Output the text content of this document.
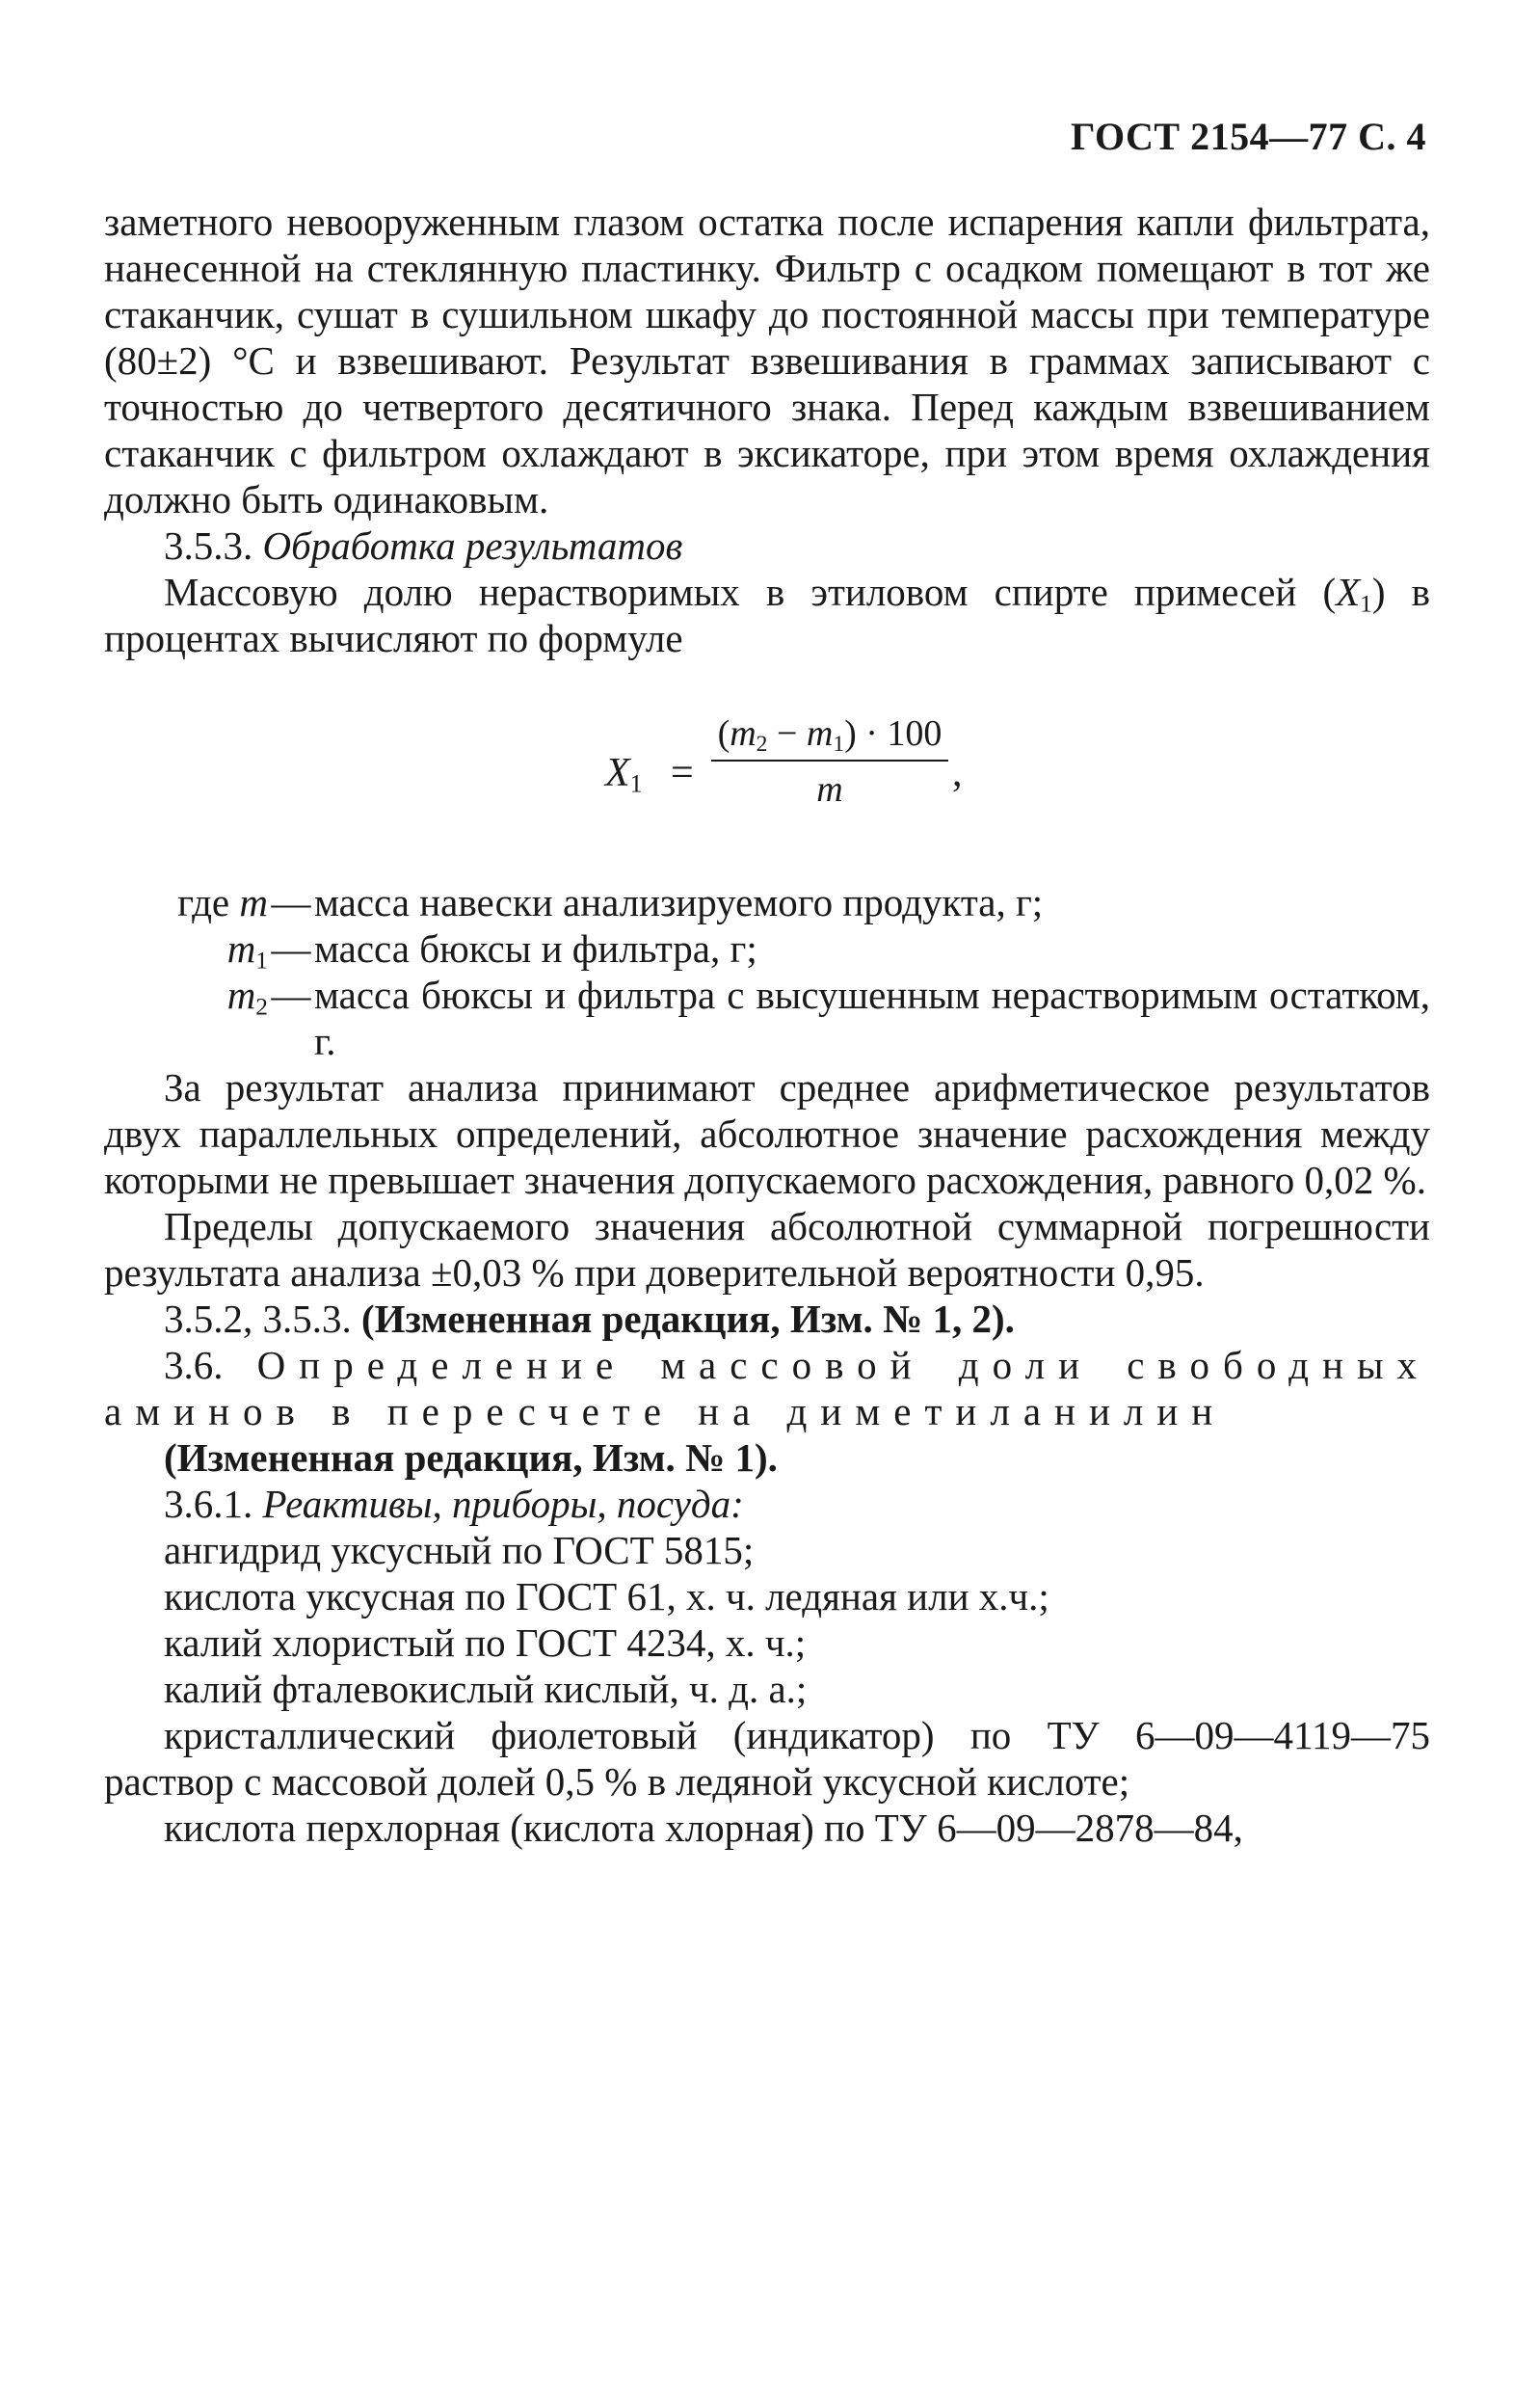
ГОСТ 2154—77 С. 4

заметного невооруженным глазом остатка после испарения капли фильтрата, нанесенной на стеклянную пластинку. Фильтр с осадком помещают в тот же стаканчик, сушат в сушильном шкафу до постоянной массы при температуре (80±2) °С и взвешивают. Результат взвешивания в граммах записывают с точностью до четвертого десятичного знака. Перед каждым взвешиванием стаканчик с фильтром охлаждают в эксикаторе, при этом время охлаждения должно быть одинаковым.

3.5.3. Обработка результатов

Массовую долю нерастворимых в этиловом спирте примесей $(X_1)$ в процентах вычисляют по формуле

$X_1$ =
$(m_2 - m_1) \cdot 100$
m	,
где m — масса навески анализируемого продукта, г;
$m_1$ — масса бюксы и фильтра, г;
$m_2$ — масса бюксы и фильтра с высушенным нерастворимым остатком, г.

За результат анализа принимают среднее арифметическое результатов двух параллельных определений, абсолютное значение расхождения между которыми не превышает значения допускаемого расхождения, равного 0,02 %.

Пределы допускаемого значения абсолютной суммарной погрешности результата анализа ±0,03 % при доверительной вероятности 0,95.

3.5.2, 3.5.3. (Измененная редакция, Изм. № 1, 2).

3.6. Определение массовой доли свободных аминов в пересчете на диметиланилин

(Измененная редакция, Изм. № 1).

3.6.1. Реактивы, приборы, посуда:

ангидрид уксусный по ГОСТ 5815;

кислота уксусная по ГОСТ 61, х. ч. ледяная или х.ч.;

калий хлористый по ГОСТ 4234, х. ч.;

калий фталевокислый кислый, ч. д. а.;

кристаллический фиолетовый (индикатор) по ТУ 6—09—4119—75 раствор с массовой долей 0,5 % в ледяной уксусной кислоте;

кислота перхлорная (кислота хлорная) по ТУ 6—09—2878—84,
